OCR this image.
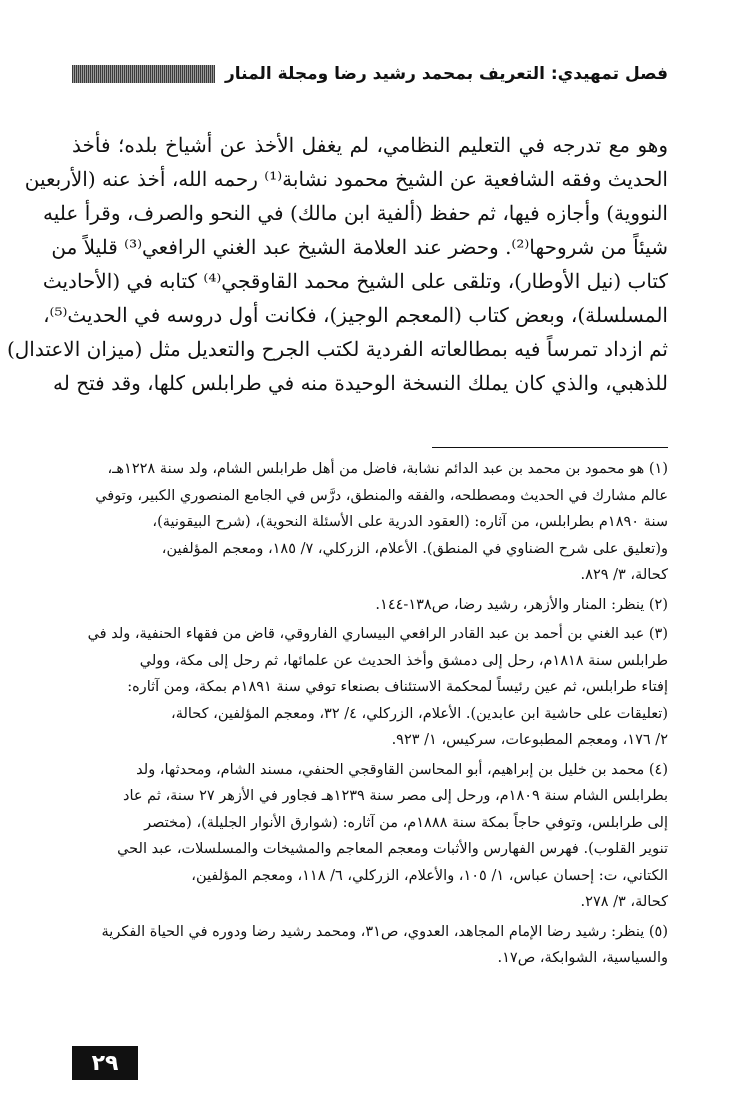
فصل تمهيدي: التعريف بمحمد رشيد رضا ومجلة المنار
وهو مع تدرجه في التعليم النظامي، لم يغفل الأخذ عن أشياخ بلده؛ فأخذ
الحديث وفقه الشافعية عن الشيخ محمود نشابة⁽¹⁾ رحمه الله، أخذ عنه (الأربعين
النووية) وأجازه فيها، ثم حفظ (ألفية ابن مالك) في النحو والصرف، وقرأ عليه
شيئاً من شروحها⁽²⁾. وحضر عند العلامة الشيخ عبد الغني الرافعي⁽³⁾ قليلاً من
كتاب (نيل الأوطار)، وتلقى على الشيخ محمد القاوقجي⁽⁴⁾ كتابه في (الأحاديث
المسلسلة)، وبعض كتاب (المعجم الوجيز)، فكانت أول دروسه في الحديث⁽⁵⁾،
ثم ازداد تمرساً فيه بمطالعاته الفردية لكتب الجرح والتعديل مثل (ميزان الاعتدال)
للذهبي، والذي كان يملك النسخة الوحيدة منه في طرابلس كلها، وقد فتح له
(١) هو محمود بن محمد بن عبد الدائم نشابة، فاضل من أهل طرابلس الشام، ولد سنة ١٢٢٨هـ،
عالم مشارك في الحديث ومصطلحه، والفقه والمنطق، درَّس في الجامع المنصوري الكبير، وتوفي
سنة ١٨٩٠م بطرابلس، من آثاره: (العقود الدرية على الأسئلة النحوية)، (شرح البيقونية)،
و(تعليق على شرح الضناوي في المنطق). الأعلام، الزركلي، ٧/ ١٨٥، ومعجم المؤلفين،
كحالة، ٣/ ٨٢٩.
(٢) ينظر: المنار والأزهر، رشيد رضا، ص١٣٨-١٤٤.
(٣) عبد الغني بن أحمد بن عبد القادر الرافعي البيساري الفاروقي، قاض من فقهاء الحنفية، ولد في
طرابلس سنة ١٨١٨م، رحل إلى دمشق وأخذ الحديث عن علمائها، ثم رحل إلى مكة، وولي
إفتاء طرابلس، ثم عين رئيساً لمحكمة الاستئناف بصنعاء توفي سنة ١٨٩١م بمكة، ومن آثاره:
(تعليقات على حاشية ابن عابدين). الأعلام، الزركلي، ٤/ ٣٢، ومعجم المؤلفين، كحالة،
٢/ ١٧٦، ومعجم المطبوعات، سركيس، ١/ ٩٢٣.
(٤) محمد بن خليل بن إبراهيم، أبو المحاسن القاوقجي الحنفي، مسند الشام، ومحدثها، ولد
بطرابلس الشام سنة ١٨٠٩م، ورحل إلى مصر سنة ١٢٣٩هـ فجاور في الأزهر ٢٧ سنة، ثم عاد
إلى طرابلس، وتوفي حاجاً بمكة سنة ١٨٨٨م، من آثاره: (شوارق الأنوار الجليلة)، (مختصر
تنوير القلوب). فهرس الفهارس والأثبات ومعجم المعاجم والمشيخات والمسلسلات، عبد الحي
الكتاني، ت: إحسان عباس، ١/ ١٠٥، والأعلام، الزركلي، ٦/ ١١٨، ومعجم المؤلفين،
كحالة، ٣/ ٢٧٨.
(٥) ينظر: رشيد رضا الإمام المجاهد، العدوي، ص٣١، ومحمد رشيد رضا ودوره في الحياة الفكرية
والسياسية، الشوابكة، ص١٧.
٢٩
